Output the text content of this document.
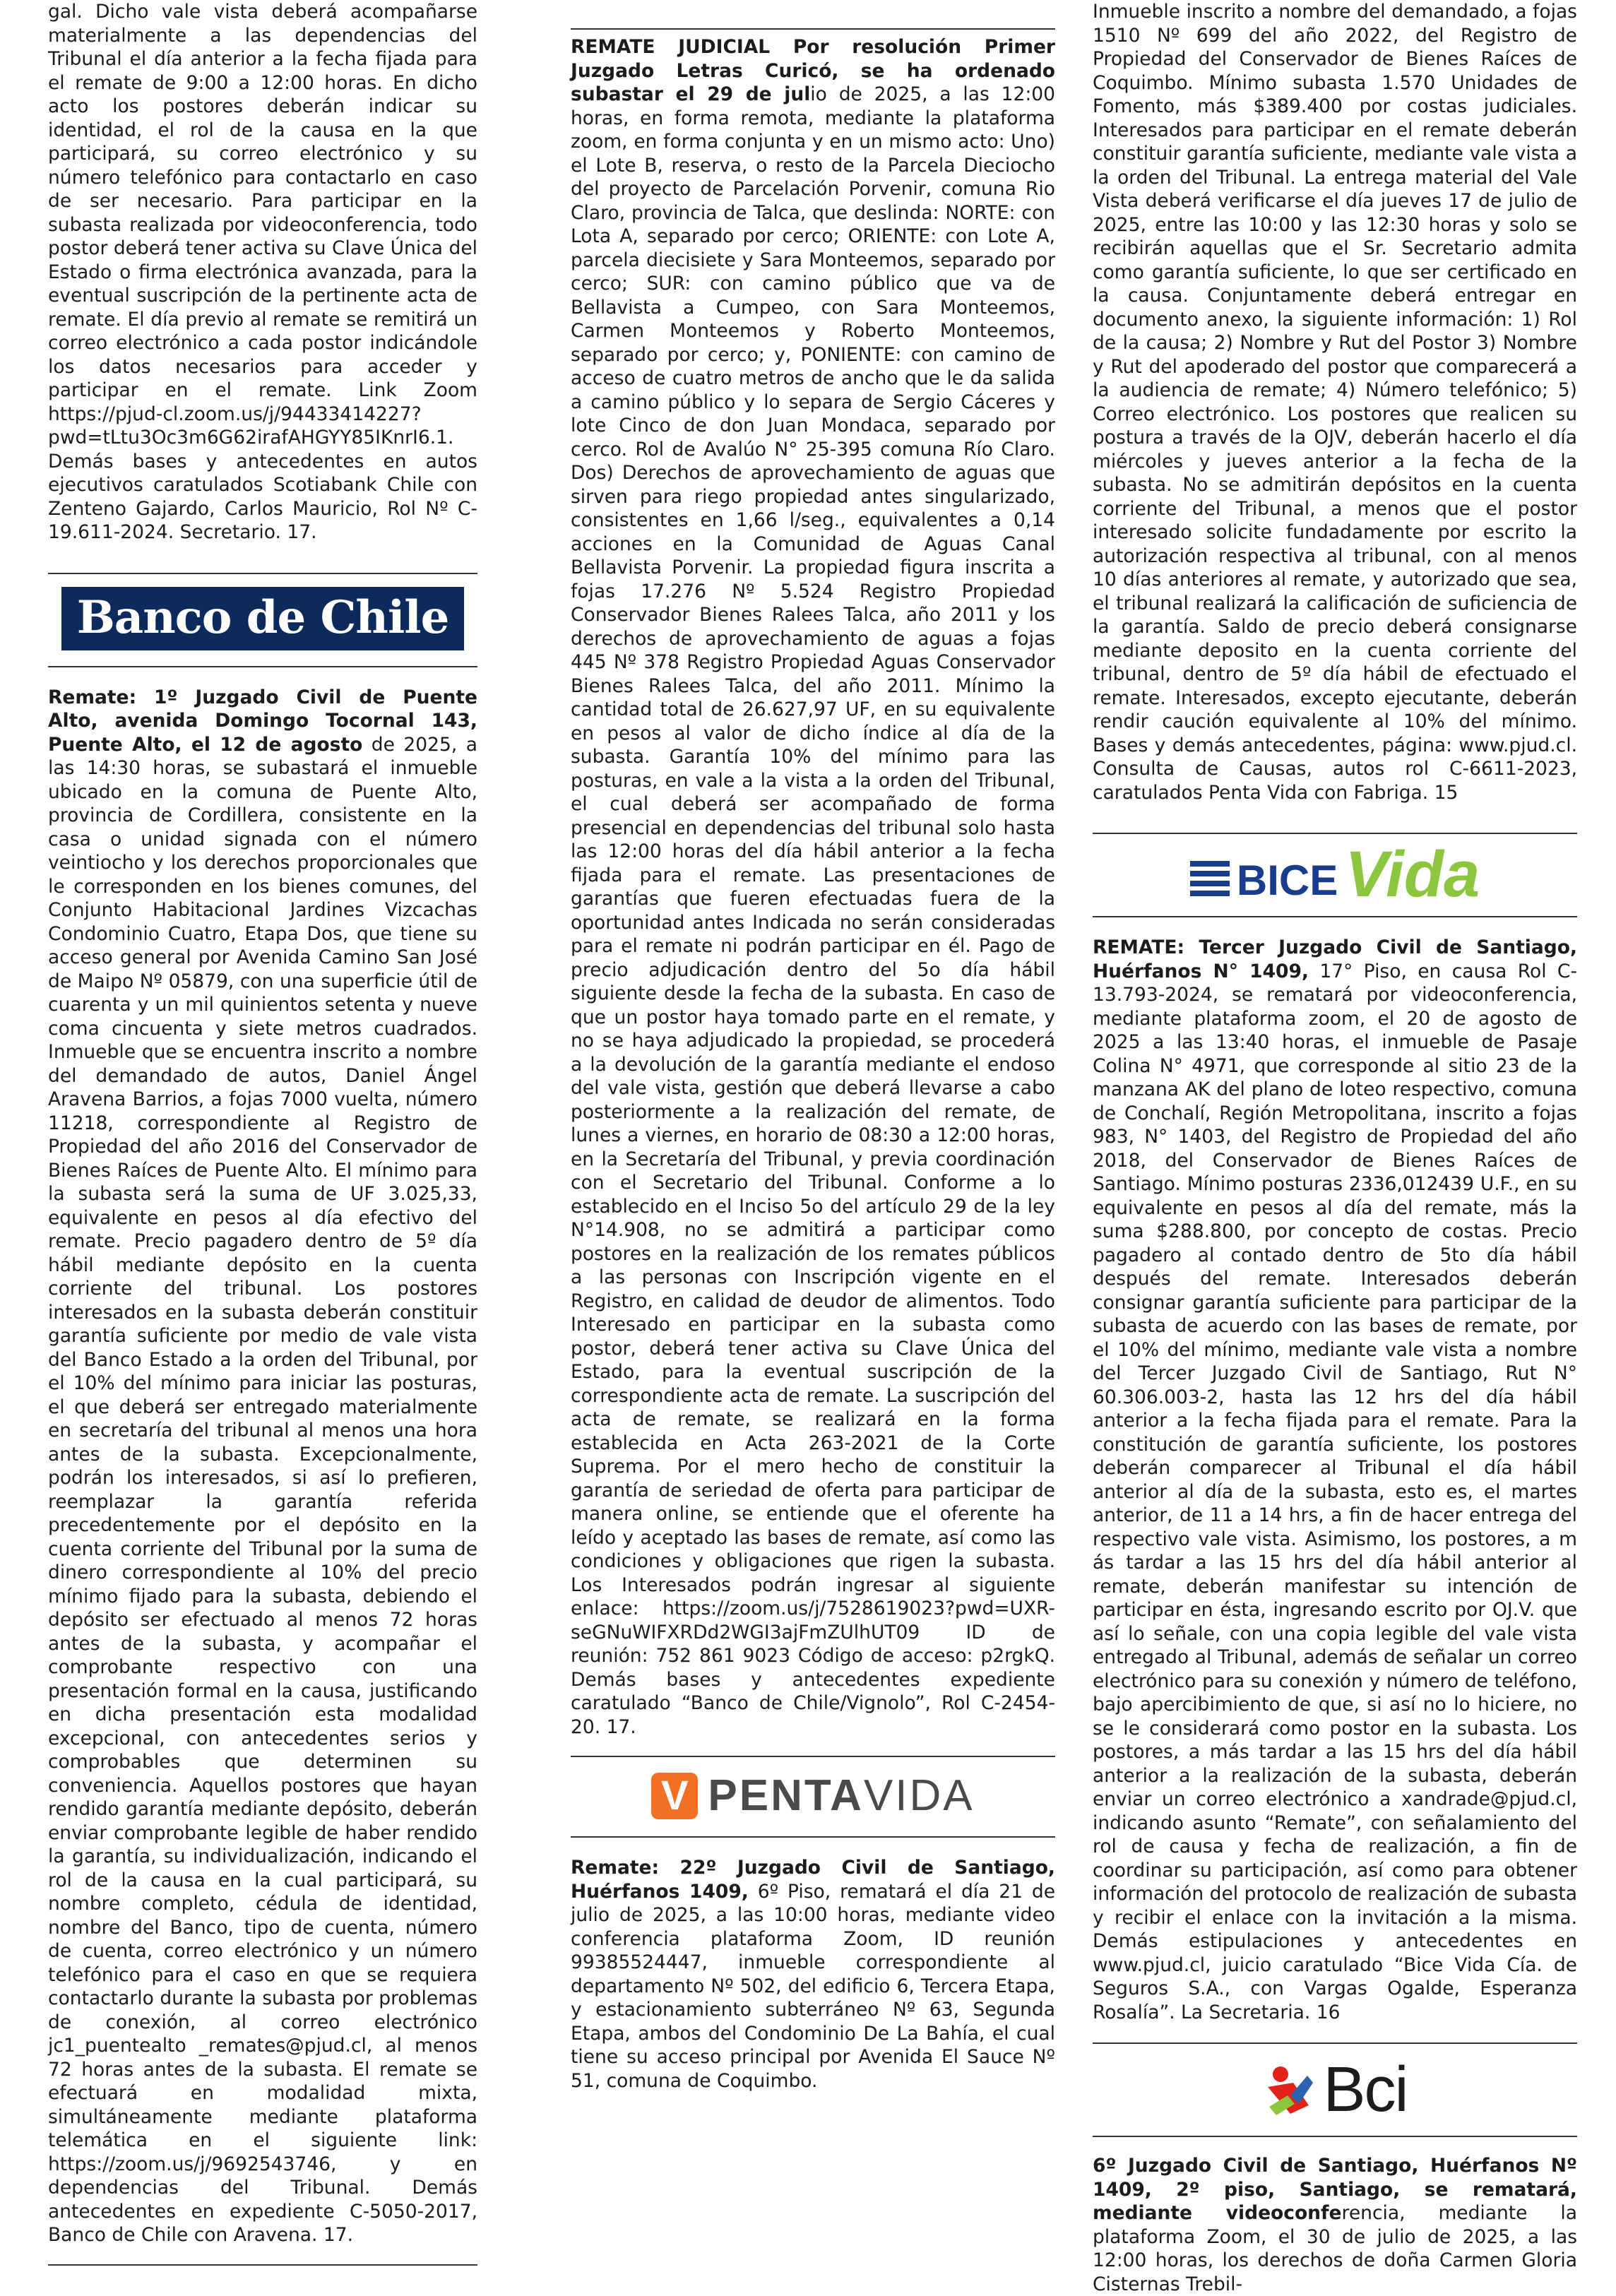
gal. Dicho vale vista deberá acompañarse materialmente a las dependencias del Tribunal el día anterior a la fecha fijada para el remate de 9:00 a 12:00 horas. En dicho acto los postores deberán indicar su identidad, el rol de la causa en la que participará, su correo electrónico y su número telefónico para contactarlo en caso de ser necesario. Para participar en la subasta realizada por videoconferencia, todo postor deberá tener activa su Clave Única del Estado o firma electrónica avanzada, para la eventual suscripción de la pertinente acta de remate. El día previo al remate se remitirá un correo electrónico a cada postor indicándole los datos necesarios para acceder y participar en el remate. Link Zoom https://pjud-cl.zoom.us/j/94433414227?pwd=tLtu3Oc3m6G62irafAHGYY85IKnrI6.1. Demás bases y antecedentes en autos ejecutivos caratulados Scotiabank Chile con Zenteno Gajardo, Carlos Mauricio, Rol Nº C-19.611-2024. Secretario. 17.

Banco de Chile

Remate: 1º Juzgado Civil de Puente Alto, avenida Domingo Tocornal 143, Puente Alto, el 12 de agosto de 2025, a las 14:30 horas, se subastará el inmueble ubicado en la comuna de Puente Alto, provincia de Cordillera, consistente en la casa o unidad signada con el número veintiocho y los derechos proporcionales que le corresponden en los bienes comunes, del Conjunto Habitacional Jardines Vizcachas Condominio Cuatro, Etapa Dos, que tiene su acceso general por Avenida Camino San José de Maipo Nº 05879, con una superficie útil de cuarenta y un mil quinientos setenta y nueve coma cincuenta y siete metros cuadrados. Inmueble que se encuentra inscrito a nombre del demandado de autos, Daniel Ángel Aravena Barrios, a fojas 7000 vuelta, número 11218, correspondiente al Registro de Propiedad del año 2016 del Conservador de Bienes Raíces de Puente Alto. El mínimo para la subasta será la suma de UF 3.025,33, equivalente en pesos al día efectivo del remate. Precio pagadero dentro de 5º día hábil mediante depósito en la cuenta corriente del tribunal. Los postores interesados en la subasta deberán constituir garantía suficiente por medio de vale vista del Banco Estado a la orden del Tribunal, por el 10% del mínimo para iniciar las posturas, el que deberá ser entregado materialmente en secretaría del tribunal al menos una hora antes de la subasta. Excepcionalmente, podrán los interesados, si así lo prefieren, reemplazar la garantía referida precedentemente por el depósito en la cuenta corriente del Tribunal por la suma de dinero correspondiente al 10% del precio mínimo fijado para la subasta, debiendo el depósito ser efectuado al menos 72 horas antes de la subasta, y acompañar el comprobante respectivo con una presentación formal en la causa, justificando en dicha presentación esta modalidad excepcional, con antecedentes serios y comprobables que determinen su conveniencia. Aquellos postores que hayan rendido garantía mediante depósito, deberán enviar comprobante legible de haber rendido la garantía, su individualización, indicando el rol de la causa en la cual participará, su nombre completo, cédula de identidad, nombre del Banco, tipo de cuenta, número de cuenta, correo electrónico y un número telefónico para el caso en que se requiera contactarlo durante la subasta por problemas de conexión, al correo electrónico jc1_puentealto _remates@pjud.cl, al menos 72 horas antes de la subasta. El remate se efectuará en modalidad mixta, simultáneamente mediante plataforma telemática en el siguiente link: https://zoom.us/j/9692543746, y en dependencias del Tribunal. Demás antecedentes en expediente C-5050-2017, Banco de Chile con Aravena. 17.

REMATE JUDICIAL Por resolución Primer Juzgado Letras Curicó, se ha ordenado subastar el 29 de julio de 2025, a las 12:00 horas, en forma remota, mediante la plataforma zoom, en forma conjunta y en un mismo acto: Uno) el Lote B, reserva, o resto de la Parcela Dieciocho del proyecto de Parcelación Porvenir, comuna Rio Claro, provincia de Talca, que deslinda: NORTE: con Lota A, separado por cerco; ORIENTE: con Lote A, parcela diecisiete y Sara Monteemos, separado por cerco; SUR: con camino público que va de Bellavista a Cumpeo, con Sara Monteemos, Carmen Monteemos y Roberto Monteemos, separado por cerco; y, PONIENTE: con camino de acceso de cuatro metros de ancho que le da salida a camino público y lo separa de Sergio Cáceres y lote Cinco de don Juan Mondaca, separado por cerco. Rol de Avalúo N° 25-395 comuna Río Claro. Dos) Derechos de aprovechamiento de aguas que sirven para riego propiedad antes singularizado, consistentes en 1,66 l/seg., equivalentes a 0,14 acciones en la Comunidad de Aguas Canal Bellavista Porvenir. La propiedad figura inscrita a fojas 17.276 Nº 5.524 Registro Propiedad Conservador Bienes Ralees Talca, año 2011 y los derechos de aprovechamiento de aguas a fojas 445 Nº 378 Registro Propiedad Aguas Conservador Bienes Ralees Talca, del año 2011. Mínimo la cantidad total de 26.627,97 UF, en su equivalente en pesos al valor de dicho índice al día de la subasta. Garantía 10% del mínimo para las posturas, en vale a la vista a la orden del Tribunal, el cual deberá ser acompañado de forma presencial en dependencias del tribunal solo hasta las 12:00 horas del día hábil anterior a la fecha fijada para el remate. Las presentaciones de garantías que fueren efectuadas fuera de la oportunidad antes Indicada no serán consideradas para el remate ni podrán participar en él. Pago de precio adjudicación dentro del 5o día hábil siguiente desde la fecha de la subasta. En caso de que un postor haya tomado parte en el remate, y no se haya adjudicado la propiedad, se procederá a la devolución de la garantía mediante el endoso del vale vista, gestión que deberá llevarse a cabo posteriormente a la realización del remate, de lunes a viernes, en horario de 08:30 a 12:00 horas, en la Secretaría del Tribunal, y previa coordinación con el Secretario del Tribunal. Conforme a lo establecido en el Inciso 5o del artículo 29 de la ley N°14.908, no se admitirá a participar como postores en la realización de los remates públicos a las personas con Inscripción vigente en el Registro, en calidad de deudor de alimentos. Todo Interesado en participar en la subasta como postor, deberá tener activa su Clave Única del Estado, para la eventual suscripción de la correspondiente acta de remate. La suscripción del acta de remate, se realizará en la forma establecida en Acta 263-2021 de la Corte Suprema. Por el mero hecho de constituir la garantía de seriedad de oferta para participar de manera online, se entiende que el oferente ha leído y aceptado las bases de remate, así como las condiciones y obligaciones que rigen la subasta. Los Interesados podrán ingresar al siguiente enlace: https://zoom.us/j/7528619023?pwd=UXR-seGNuWIFXRDd2WGI3ajFmZUlhUT09 ID de reunión: 752 861 9023 Código de acceso: p2rgkQ. Demás bases y antecedentes expediente caratulado “Banco de Chile/Vignolo”, Rol C-2454-20. 17.

V PENTAVIDA

Remate: 22º Juzgado Civil de Santiago, Huérfanos 1409, 6º Piso, rematará el día 21 de julio de 2025, a las 10:00 horas, mediante video conferencia plataforma Zoom, ID reunión 99385524447, inmueble correspondiente al departamento Nº 502, del edificio 6, Tercera Etapa, y estacionamiento subterráneo Nº 63, Segunda Etapa, ambos del Condominio De La Bahía, el cual tiene su acceso principal por Avenida El Sauce Nº 51, comuna de Coquimbo.

Inmueble inscrito a nombre del demandado, a fojas 1510 Nº 699 del año 2022, del Registro de Propiedad del Conservador de Bienes Raíces de Coquimbo. Mínimo subasta 1.570 Unidades de Fomento, más $389.400 por costas judiciales. Interesados para participar en el remate deberán constituir garantía suficiente, mediante vale vista a la orden del Tribunal. La entrega material del Vale Vista deberá verificarse el día jueves 17 de julio de 2025, entre las 10:00 y las 12:30 horas y solo se recibirán aquellas que el Sr. Secretario admita como garantía suficiente, lo que ser certificado en la causa. Conjuntamente deberá entregar en documento anexo, la siguiente información: 1) Rol de la causa; 2) Nombre y Rut del Postor 3) Nombre y Rut del apoderado del postor que comparecerá a la audiencia de remate; 4) Número telefónico; 5) Correo electrónico. Los postores que realicen su postura a través de la OJV, deberán hacerlo el día miércoles y jueves anterior a la fecha de la subasta. No se admitirán depósitos en la cuenta corriente del Tribunal, a menos que el postor interesado solicite fundadamente por escrito la autorización respectiva al tribunal, con al menos 10 días anteriores al remate, y autorizado que sea, el tribunal realizará la calificación de suficiencia de la garantía. Saldo de precio deberá consignarse mediante deposito en la cuenta corriente del tribunal, dentro de 5º día hábil de efectuado el remate. Interesados, excepto ejecutante, deberán rendir caución equivalente al 10% del mínimo. Bases y demás antecedentes, página: www.pjud.cl. Consulta de Causas, autos rol C-6611-2023, caratulados Penta Vida con Fabriga. 15

BICE Vida

REMATE: Tercer Juzgado Civil de Santiago, Huérfanos N° 1409, 17° Piso, en causa Rol C-13.793-2024, se rematará por videoconferencia, mediante plataforma zoom, el 20 de agosto de 2025 a las 13:40 horas, el inmueble de Pasaje Colina N° 4971, que corresponde al sitio 23 de la manzana AK del plano de loteo respectivo, comuna de Conchalí, Región Metropolitana, inscrito a fojas 983, N° 1403, del Registro de Propiedad del año 2018, del Conservador de Bienes Raíces de Santiago. Mínimo posturas 2336,012439 U.F., en su equivalente en pesos al día del remate, más la suma $288.800, por concepto de costas. Precio pagadero al contado dentro de 5to día hábil después del remate. Interesados deberán consignar garantía suficiente para participar de la subasta de acuerdo con las bases de remate, por el 10% del mínimo, mediante vale vista a nombre del Tercer Juzgado Civil de Santiago, Rut N° 60.306.003-2, hasta las 12 hrs del día hábil anterior a la fecha fijada para el remate. Para la constitución de garantía suficiente, los postores deberán comparecer al Tribunal el día hábil anterior al día de la subasta, esto es, el martes anterior, de 11 a 14 hrs, a fin de hacer entrega del respectivo vale vista. Asimismo, los postores, a m ás tardar a las 15 hrs del día hábil anterior al remate, deberán manifestar su intención de participar en ésta, ingresando escrito por OJ.V. que así lo señale, con una copia legible del vale vista entregado al Tribunal, además de señalar un correo electrónico para su conexión y número de teléfono, bajo apercibimiento de que, si así no lo hiciere, no se le considerará como postor en la subasta. Los postores, a más tardar a las 15 hrs del día hábil anterior a la realización de la subasta, deberán enviar un correo electrónico a xandrade@pjud.cl, indicando asunto “Remate”, con señalamiento del rol de causa y fecha de realización, a fin de coordinar su participación, así como para obtener información del protocolo de realización de subasta y recibir el enlace con la invitación a la misma. Demás estipulaciones y antecedentes en www.pjud.cl, juicio caratulado “Bice Vida Cía. de Seguros S.A., con Vargas Ogalde, Esperanza Rosalía”. La Secretaria. 16

Bci

6º Juzgado Civil de Santiago, Huérfanos Nº 1409, 2º piso, Santiago, se rematará, mediante videoconferencia, mediante la plataforma Zoom, el 30 de julio de 2025, a las 12:00 horas, los derechos de doña Carmen Gloria Cisternas Trebil-
